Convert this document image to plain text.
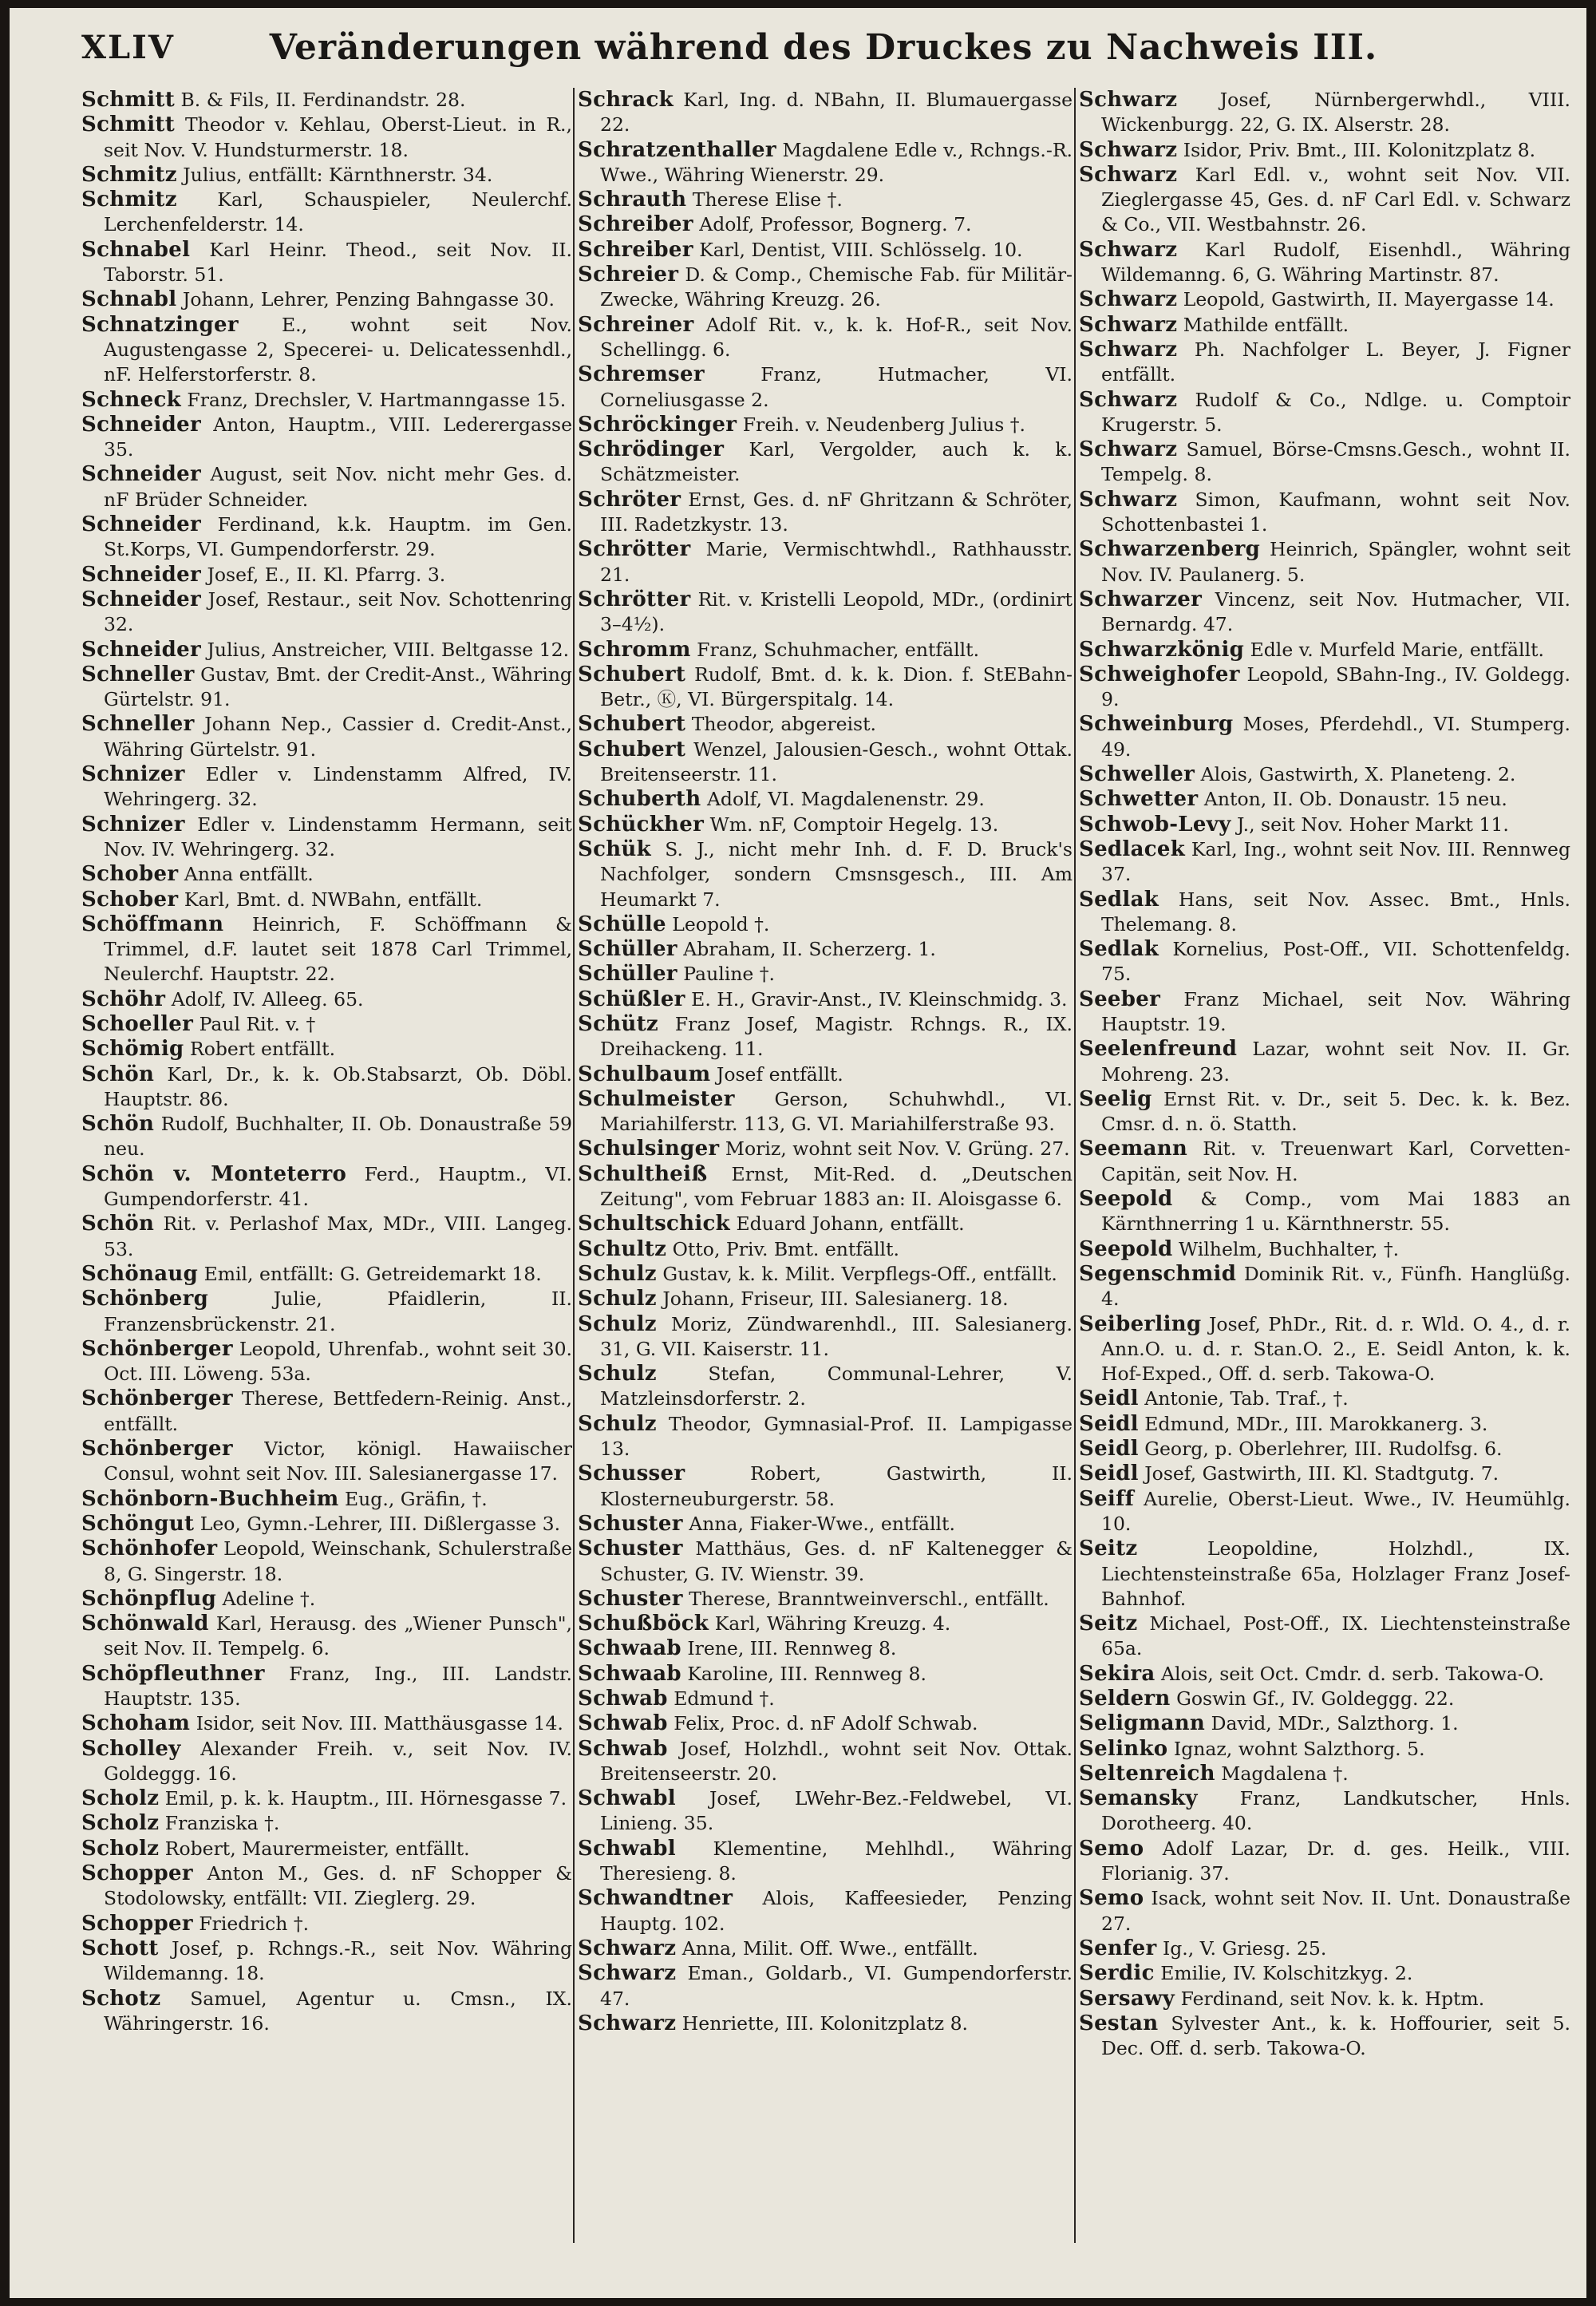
XLIV	Veränderungen während des Druckes zu Nachweis III.

Schmitt B. & Fils, II. Ferdinandstr. 28.

Schmitt Theodor v. Kehlau, Oberst-Lieut. in R., seit Nov. V. Hundsturmerstr. 18.

Schmitz Julius, entfällt: Kärnthnerstr. 34.

Schmitz Karl, Schauspieler, Neulerchf. Lerchenfelderstr. 14.

Schnabel Karl Heinr. Theod., seit Nov. II. Taborstr. 51.

Schnabl Johann, Lehrer, Penzing Bahngasse 30.

Schnatzinger E., wohnt seit Nov. Augustengasse 2, Specerei- u. Delicatessenhdl., nF. Helferstorferstr. 8.

Schneck Franz, Drechsler, V. Hartmanngasse 15.

Schneider Anton, Hauptm., VIII. Lederergasse 35.

Schneider August, seit Nov. nicht mehr Ges. d. nF Brüder Schneider.

Schneider Ferdinand, k.k. Hauptm. im Gen. St.Korps, VI. Gumpendorferstr. 29.

Schneider Josef, E., II. Kl. Pfarrg. 3.

Schneider Josef, Restaur., seit Nov. Schottenring 32.

Schneider Julius, Anstreicher, VIII. Beltgasse 12.

Schneller Gustav, Bmt. der Credit-Anst., Währing Gürtelstr. 91.

Schneller Johann Nep., Cassier d. Credit-Anst., Währing Gürtelstr. 91.

Schnizer Edler v. Lindenstamm Alfred, IV. Wehringerg. 32.

Schnizer Edler v. Lindenstamm Hermann, seit Nov. IV. Wehringerg. 32.

Schober Anna entfällt.

Schober Karl, Bmt. d. NWBahn, entfällt.

Schöffmann Heinrich, F. Schöffmann & Trimmel, d.F. lautet seit 1878 Carl Trimmel, Neulerchf. Hauptstr. 22.

Schöhr Adolf, IV. Alleeg. 65.

Schoeller Paul Rit. v. †

Schömig Robert entfällt.

Schön Karl, Dr., k. k. Ob.Stabsarzt, Ob. Döbl. Hauptstr. 86.

Schön Rudolf, Buchhalter, II. Ob. Donaustraße 59 neu.

Schön v. Monteterro Ferd., Hauptm., VI. Gumpendorferstr. 41.

Schön Rit. v. Perlashof Max, MDr., VIII. Langeg. 53.

Schönaug Emil, entfällt: G. Getreidemarkt 18.

Schönberg	Julie, Pfaidlerin, II. Franzensbrückenstr. 21.

Schönberger Leopold, Uhrenfab., wohnt seit 30. Oct. III. Löweng. 53a.

Schönberger Therese, Bettfedern-Reinig. Anst., entfällt.

Schönberger Victor, königl. Hawaiischer Consul, wohnt seit Nov. III. Salesianergasse 17.

Schönborn-Buchheim Eug., Gräfin, †.

Schöngut Leo, Gymn.-Lehrer, III. Dißlergasse 3.

Schönhofer Leopold, Weinschank, Schulerstraße 8, G. Singerstr. 18.

Schönpflug Adeline †.

Schönwald Karl, Herausg. des „Wiener Punsch", seit Nov. II. Tempelg. 6.

Schöpfleuthner Franz, Ing., III. Landstr. Hauptstr. 135.

Schoham Isidor, seit Nov. III. Matthäusgasse 14.

Scholley Alexander Freih. v., seit Nov. IV. Goldeggg. 16.

Scholz Emil, p. k. k. Hauptm., III. Hörnesgasse 7.

Scholz Franziska †.

Scholz Robert, Maurermeister, entfällt.

Schopper Anton M., Ges. d. nF Schopper & Stodolowsky, entfällt: VII. Zieglerg. 29.

Schopper Friedrich †.

Schott Josef, p. Rchngs.-R., seit Nov. Währing Wildemanng. 18.

Schotz Samuel, Agentur u. Cmsn., IX. Währingerstr. 16.

Schrack Karl, Ing. d. NBahn, II. Blumauergasse 22.

Schratzenthaller Magdalene Edle v., Rchngs.-R. Wwe., Währing Wienerstr. 29.

Schrauth Therese Elise †.

Schreiber Adolf, Professor, Bognerg. 7.

Schreiber Karl, Dentist, VIII. Schlösselg. 10.

Schreier D. & Comp., Chemische Fab. für Militär-Zwecke, Währing Kreuzg. 26.

Schreiner Adolf Rit. v., k. k. Hof-R., seit Nov. Schellingg. 6.

Schremser	Franz, Hutmacher, VI. Corneliusgasse 2.

Schröckinger Freih. v. Neudenberg Julius †.

Schrödinger Karl, Vergolder, auch k. k. Schätzmeister.

Schröter Ernst, Ges. d. nF Ghritzann & Schröter, III. Radetzkystr. 13.

Schrötter Marie, Vermischtwhdl., Rathhausstr. 21.

Schrötter Rit. v. Kristelli Leopold, MDr., (ordinirt 3–4½).

Schromm Franz, Schuhmacher, entfällt.

Schubert Rudolf, Bmt. d. k. k. Dion. f. StEBahn-Betr., Ⓚ, VI. Bürgerspitalg. 14.

Schubert Theodor, abgereist.

Schubert Wenzel, Jalousien-Gesch., wohnt Ottak. Breitenseerstr. 11.

Schuberth Adolf, VI. Magdalenenstr. 29.

Schückher Wm. nF, Comptoir Hegelg. 13.

Schük S. J., nicht mehr Inh. d. F. D. Bruck's Nachfolger, sondern Cmsnsgesch., III. Am Heumarkt 7.

Schülle Leopold †.

Schüller Abraham, II. Scherzerg. 1.

Schüller Pauline †.

Schüßler E. H., Gravir-Anst., IV. Kleinschmidg. 3.

Schütz Franz Josef, Magistr. Rchngs. R., IX. Dreihackeng. 11.

Schulbaum Josef entfällt.

Schulmeister Gerson, Schuhwhdl., VI. Mariahilferstr. 113, G. VI. Mariahilferstraße 93.

Schulsinger Moriz, wohnt seit Nov. V. Grüng. 27.

Schultheiß Ernst, Mit-Red. d. „Deutschen Zeitung", vom Februar 1883 an: II. Aloisgasse 6.

Schultschick Eduard Johann, entfällt.

Schultz Otto, Priv. Bmt. entfällt.

Schulz Gustav, k. k. Milit. Verpflegs-Off., entfällt.

Schulz Johann, Friseur, III. Salesianerg. 18.

Schulz Moriz, Zündwarenhdl., III. Salesianerg. 31, G. VII. Kaiserstr. 11.

Schulz	Stefan, Communal-Lehrer, V. Matzleinsdorferstr. 2.

Schulz Theodor, Gymnasial-Prof. II. Lampigasse 13.

Schusser	Robert, Gastwirth, II. Klosterneuburgerstr. 58.

Schuster Anna, Fiaker-Wwe., entfällt.

Schuster Matthäus, Ges. d. nF Kaltenegger & Schuster, G. IV. Wienstr. 39.

Schuster Therese, Branntweinverschl., entfällt.

Schußböck Karl, Währing Kreuzg. 4.

Schwaab Irene, III. Rennweg 8.

Schwaab Karoline, III. Rennweg 8.

Schwab Edmund †.

Schwab Felix, Proc. d. nF Adolf Schwab.

Schwab Josef, Holzhdl., wohnt seit Nov. Ottak. Breitenseerstr. 20.

Schwabl Josef, LWehr-Bez.-Feldwebel, VI. Linieng. 35.

Schwabl Klementine, Mehlhdl., Währing Theresieng. 8.

Schwandtner Alois, Kaffeesieder, Penzing Hauptg. 102.

Schwarz Anna, Milit. Off. Wwe., entfällt.

Schwarz Eman., Goldarb., VI. Gumpendorferstr. 47.

Schwarz Henriette, III. Kolonitzplatz 8.

Schwarz Josef, Nürnbergerwhdl., VIII. Wickenburgg. 22, G. IX. Alserstr. 28.

Schwarz Isidor, Priv. Bmt., III. Kolonitzplatz 8.

Schwarz Karl Edl. v., wohnt seit Nov. VII. Zieglergasse 45, Ges. d. nF Carl Edl. v. Schwarz & Co., VII. Westbahnstr. 26.

Schwarz Karl Rudolf, Eisenhdl., Währing Wildemanng. 6, G. Währing Martinstr. 87.

Schwarz Leopold, Gastwirth, II. Mayergasse 14.

Schwarz Mathilde entfällt.

Schwarz Ph. Nachfolger L. Beyer, J. Figner entfällt.

Schwarz Rudolf & Co., Ndlge. u. Comptoir Krugerstr. 5.

Schwarz Samuel, Börse-Cmsns.Gesch., wohnt II. Tempelg. 8.

Schwarz Simon, Kaufmann, wohnt seit Nov. Schottenbastei 1.

Schwarzenberg Heinrich, Spängler, wohnt seit Nov. IV. Paulanerg. 5.

Schwarzer Vincenz, seit Nov. Hutmacher, VII. Bernardg. 47.

Schwarzkönig Edle v. Murfeld Marie, entfällt.

Schweighofer Leopold, SBahn-Ing., IV. Goldegg. 9.

Schweinburg Moses, Pferdehdl., VI. Stumperg. 49.

Schweller Alois, Gastwirth, X. Planeteng. 2.

Schwetter Anton, II. Ob. Donaustr. 15 neu.

Schwob-Levy J., seit Nov. Hoher Markt 11.

Sedlacek Karl, Ing., wohnt seit Nov. III. Rennweg 37.

Sedlak Hans, seit Nov. Assec. Bmt., Hnls. Thelemang. 8.

Sedlak Kornelius, Post-Off., VII. Schottenfeldg. 75.

Seeber Franz Michael, seit Nov. Währing Hauptstr. 19.

Seelenfreund Lazar, wohnt seit Nov. II. Gr. Mohreng. 23.

Seelig Ernst Rit. v. Dr., seit 5. Dec. k. k. Bez. Cmsr. d. n. ö. Statth.

Seemann Rit. v. Treuenwart Karl, Corvetten-Capitän, seit Nov. H.

Seepold & Comp., vom Mai 1883 an Kärnthnerring 1 u. Kärnthnerstr. 55.

Seepold Wilhelm, Buchhalter, †.

Segenschmid Dominik Rit. v., Fünfh. Hanglüßg. 4.

Seiberling Josef, PhDr., Rit. d. r. Wld. O. 4., d. r. Ann.O. u. d. r. Stan.O. 2., E. Seidl Anton, k. k. Hof-Exped., Off. d. serb. Takowa-O.

Seidl Antonie, Tab. Traf., †.

Seidl Edmund, MDr., III. Marokkanerg. 3.

Seidl Georg, p. Oberlehrer, III. Rudolfsg. 6.

Seidl Josef, Gastwirth, III. Kl. Stadtgutg. 7.

Seiff Aurelie, Oberst-Lieut. Wwe., IV. Heumühlg. 10.

Seitz	Leopoldine, Holzhdl., IX. Liechtensteinstraße 65a, Holzlager Franz Josef-Bahnhof.

Seitz Michael, Post-Off., IX. Liechtensteinstraße 65a.

Sekira Alois, seit Oct. Cmdr. d. serb. Takowa-O.

Seldern Goswin Gf., IV. Goldeggg. 22.

Seligmann David, MDr., Salzthorg. 1.

Selinko Ignaz, wohnt Salzthorg. 5.

Seltenreich Magdalena †.

Semansky Franz, Landkutscher, Hnls. Dorotheerg. 40.

Semo Adolf Lazar, Dr. d. ges. Heilk., VIII. Florianig. 37.

Semo Isack, wohnt seit Nov. II. Unt. Donaustraße 27.

Senfer Ig., V. Griesg. 25.

Serdic Emilie, IV. Kolschitzkyg. 2.

Sersawy Ferdinand, seit Nov. k. k. Hptm.

Sestan Sylvester Ant., k. k. Hoffourier, seit 5. Dec. Off. d. serb. Takowa-O.
